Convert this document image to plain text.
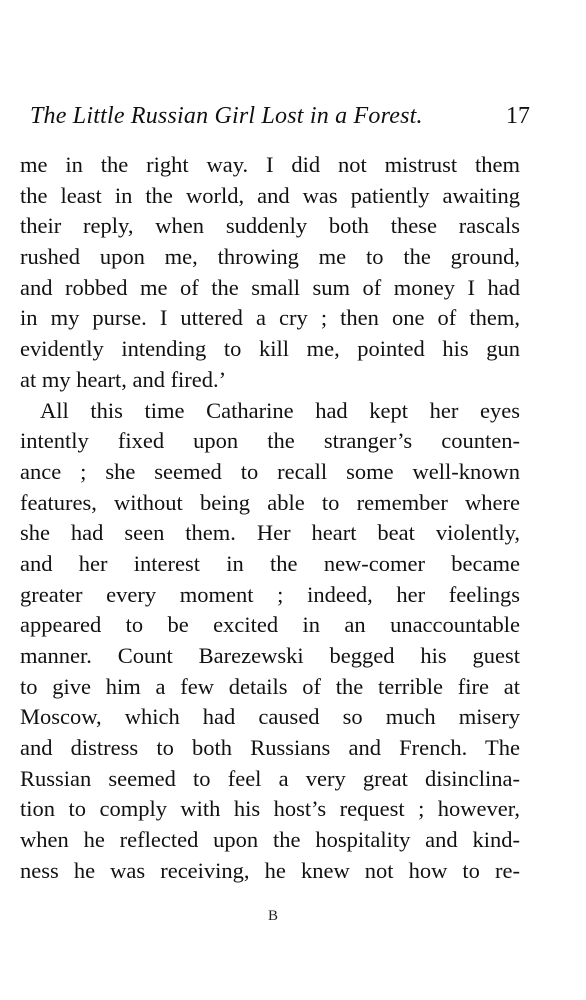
The Little Russian Girl Lost in a Forest.	17
me in the right way. I did not mistrust them
the least in the world, and was patiently awaiting
their reply, when suddenly both these rascals
rushed upon me, throwing me to the ground,
and robbed me of the small sum of money I had
in my purse. I uttered a cry ; then one of them,
evidently intending to kill me, pointed his gun
at my heart, and fired.’
All this time Catharine had kept her eyes
intently fixed upon the stranger’s counten-
ance ; she seemed to recall some well-known
features, without being able to remember where
she had seen them. Her heart beat violently,
and her interest in the new-comer became
greater every moment ; indeed, her feelings
appeared to be excited in an unaccountable
manner. Count Barezewski begged his guest
to give him a few details of the terrible fire at
Moscow, which had caused so much misery
and distress to both Russians and French. The
Russian seemed to feel a very great disinclina-
tion to comply with his host’s request ; however,
when he reflected upon the hospitality and kind-
ness he was receiving, he knew not how to re-
B
